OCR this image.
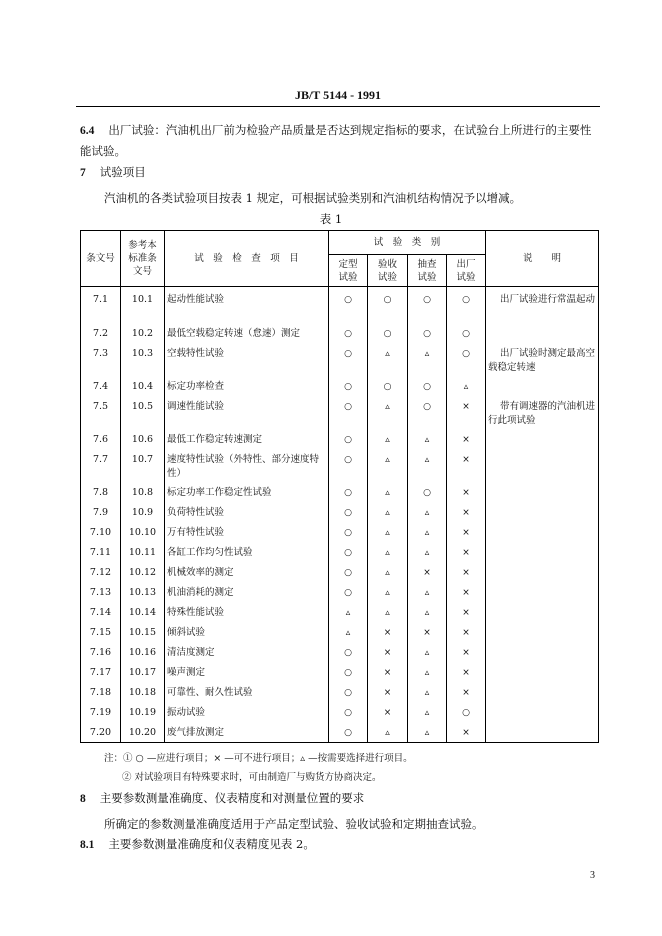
JB/T 5144 - 1991
6.4 出厂试验：汽油机出厂前为检验产品质量是否达到规定指标的要求，在试验台上所进行的主要性能试验。
7 试验项目
汽油机的各类试验项目按表 1 规定，可根据试验类别和汽油机结构情况予以增减。
表 1
条文号	参考本标准条文号	试　验　检　查　项　目	试　验　类　别				说　　明
			定型试验	验收试验	抽查试验	出厂试验	
7.1	10.1	起动性能试验	○	○	○	○	出厂试验进行常温起动
7.2	10.2	最低空载稳定转速（怠速）测定	○	○	○	○	
7.3	10.3	空载特性试验	○	▵	▵	○	出厂试验时测定最高空载稳定转速
7.4	10.4	标定功率检查	○	○	○	▵	
7.5	10.5	调速性能试验	○	▵	○	×	带有调速器的汽油机进行此项试验
7.6	10.6	最低工作稳定转速测定	○	▵	▵	×	
7.7	10.7	速度特性试验（外特性、部分速度特性）	○	▵	▵	×	
7.8	10.8	标定功率工作稳定性试验	○	▵	○	×	
7.9	10.9	负荷特性试验	○	▵	▵	×	
7.10	10.10	万有特性试验	○	▵	▵	×	
7.11	10.11	各缸工作均匀性试验	○	▵	▵	×	
7.12	10.12	机械效率的测定	○	▵	×	×	
7.13	10.13	机油消耗的测定	○	▵	▵	×	
7.14	10.14	特殊性能试验	▵	▵	▵	×	
7.15	10.15	倾斜试验	▵	×	×	×	
7.16	10.16	清洁度测定	○	×	▵	×	
7.17	10.17	噪声测定	○	×	▵	×	
7.18	10.18	可靠性、耐久性试验	○	×	▵	×	
7.19	10.19	振动试验	○	×	▵	○	
7.20	10.20	废气排放测定	○	▵	▵	×	
注：① ○ —应进行项目；× —可不进行项目；▵ —按需要选择进行项目。
② 对试验项目有特殊要求时，可由制造厂与购货方协商决定。
8 主要参数测量准确度、仪表精度和对测量位置的要求
所确定的参数测量准确度适用于产品定型试验、验收试验和定期抽查试验。
8.1 主要参数测量准确度和仪表精度见表 2。
3
